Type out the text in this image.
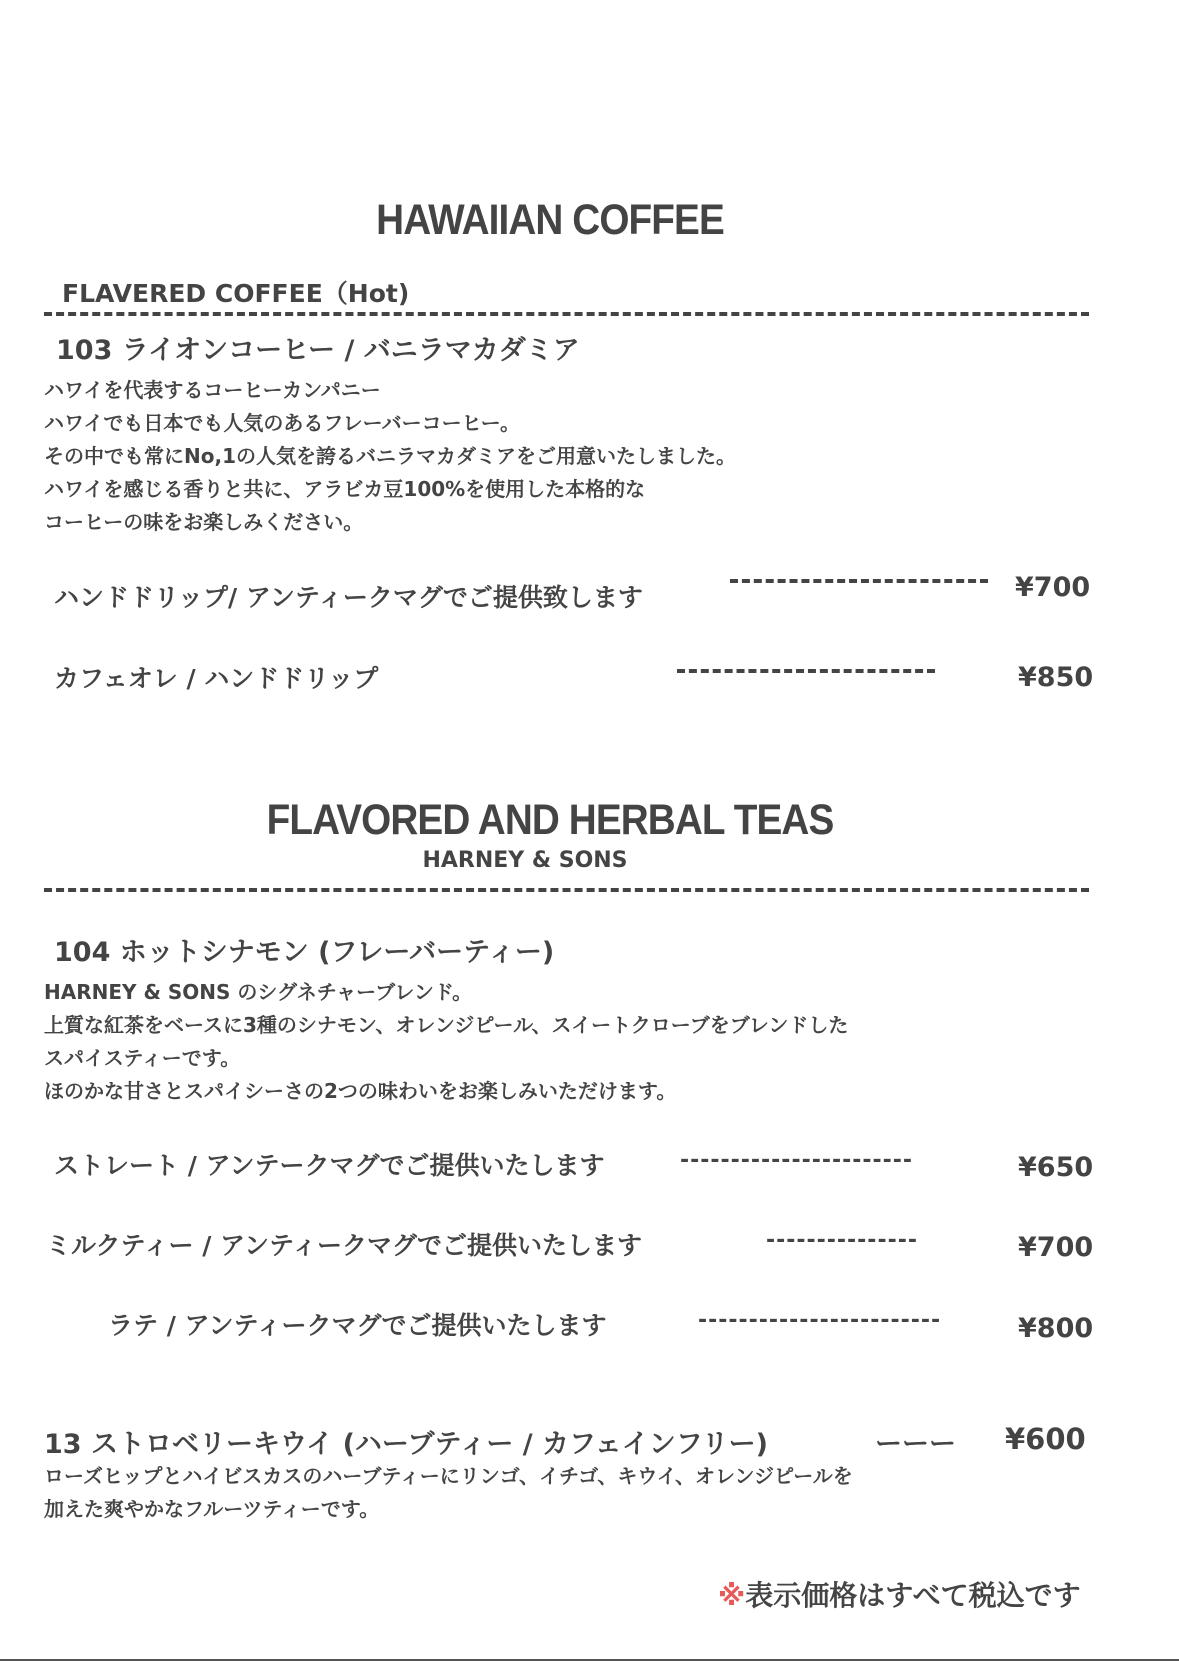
HAWAIIAN COFFEE
FLAVERED COFFEE（Hot)
103 ライオンコーヒー / バニラマカダミア
ハワイを代表するコーヒーカンパニー
ハワイでも日本でも人気のあるフレーバーコーヒー。
その中でも常にNo,1の人気を誇るバニラマカダミアをご用意いたしました。
ハワイを感じる香りと共に、アラビカ豆100%を使用した本格的な
コーヒーの味をお楽しみください。
ハンドドリップ/ アンティークマグでご提供致します	¥700
カフェオレ / ハンドドリップ	¥850
FLAVORED AND HERBAL TEAS
HARNEY & SONS
104 ホットシナモン (フレーバーティー)
HARNEY & SONS のシグネチャーブレンド。
上質な紅茶をベースに3種のシナモン、オレンジピール、スイートクローブをブレンドした
スパイスティーです。
ほのかな甘さとスパイシーさの2つの味わいをお楽しみいただけます。
ストレート / アンテークマグでご提供いたします	-----------------------	¥650
ミルクティー / アンティークマグでご提供いたします	---------------	¥700
ラテ / アンティークマグでご提供いたします	------------------------	¥800
13 ストロベリーキウイ (ハーブティー / カフェインフリー)	ーーー ¥600
ローズヒップとハイビスカスのハーブティーにリンゴ、イチゴ、キウイ、オレンジピールを
加えた爽やかなフルーツティーです。
※表示価格はすべて税込です
